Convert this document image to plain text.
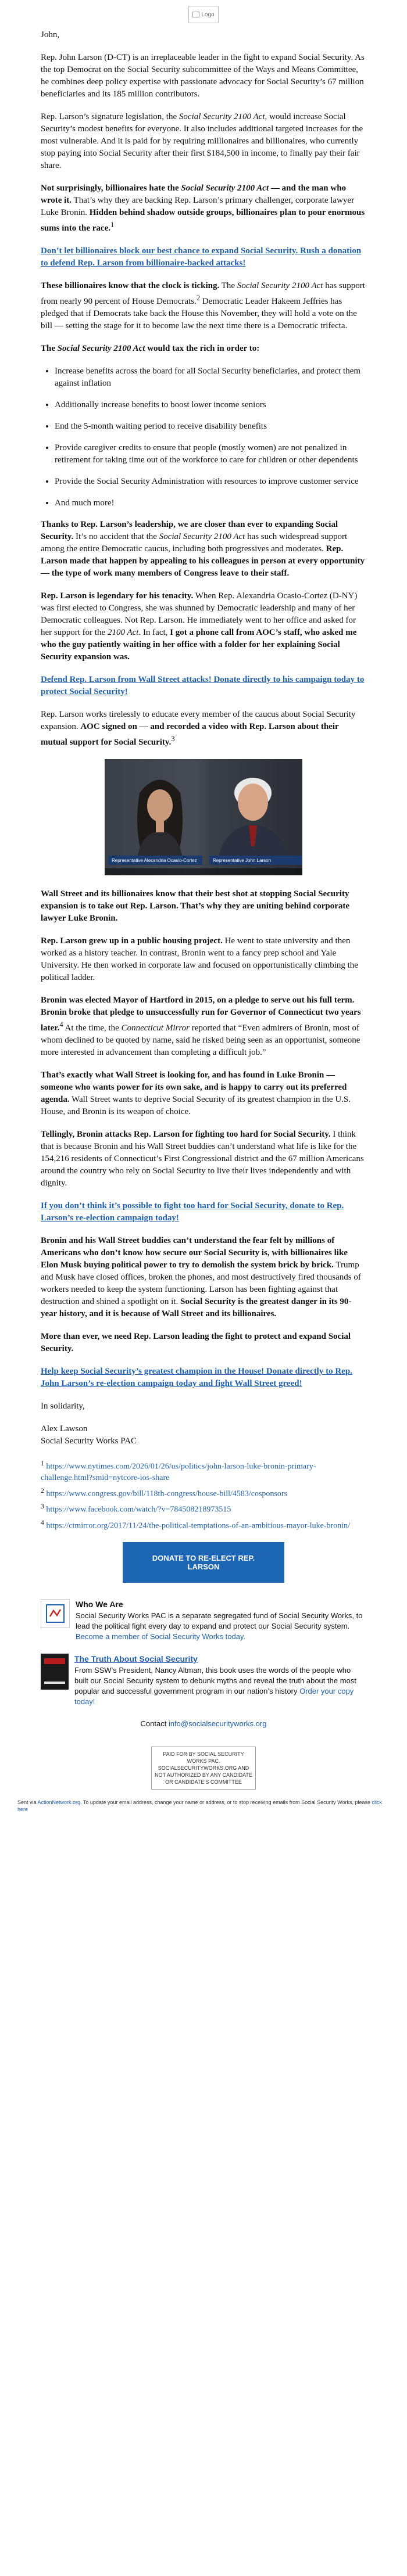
Logo

John,

Rep. John Larson (D-CT) is an irreplaceable leader in the fight to expand Social Security. As the top Democrat on the Social Security subcommittee of the Ways and Means Committee, he combines deep policy expertise with passionate advocacy for Social Security’s 67 million beneficiaries and its 185 million contributors.

Rep. Larson’s signature legislation, the Social Security 2100 Act, would increase Social Security’s modest benefits for everyone. It also includes additional targeted increases for the most vulnerable. And it is paid for by requiring millionaires and billionaires, who currently stop paying into Social Security after their first $184,500 in income, to finally pay their fair share.

Not surprisingly, billionaires hate the Social Security 2100 Act — and the man who wrote it. That’s why they are backing Rep. Larson’s primary challenger, corporate lawyer Luke Bronin. Hidden behind shadow outside groups, billionaires plan to pour enormous sums into the race.$^1$

Don’t let billionaires block our best chance to expand Social Security. Rush a donation to defend Rep. Larson from billionaire-backed attacks!

These billionaires know that the clock is ticking. The Social Security 2100 Act has support from nearly 90 percent of House Democrats.$^2$ Democratic Leader Hakeem Jeffries has pledged that if Democrats take back the House this November, they will hold a vote on the bill — setting the stage for it to become law the next time there is a Democratic trifecta.

The Social Security 2100 Act would tax the rich in order to:

• Increase benefits across the board for all Social Security beneficiaries, and protect them against inflation
• Additionally increase benefits to boost lower income seniors
• End the 5-month waiting period to receive disability benefits
• Provide caregiver credits to ensure that people (mostly women) are not penalized in retirement for taking time out of the workforce to care for children or other dependents
• Provide the Social Security Administration with resources to improve customer service
• And much more!

Thanks to Rep. Larson’s leadership, we are closer than ever to expanding Social Security. It’s no accident that the Social Security 2100 Act has such widespread support among the entire Democratic caucus, including both progressives and moderates. Rep. Larson made that happen by appealing to his colleagues in person at every opportunity — the type of work many members of Congress leave to their staff.

Rep. Larson is legendary for his tenacity. When Rep. Alexandria Ocasio-Cortez (D-NY) was first elected to Congress, she was shunned by Democratic leadership and many of her Democratic colleagues. Not Rep. Larson. He immediately went to her office and asked for her support for the 2100 Act. In fact, I got a phone call from AOC’s staff, who asked me who the guy patiently waiting in her office with a folder for her explaining Social Security expansion was.

Defend Rep. Larson from Wall Street attacks! Donate directly to his campaign today to protect Social Security!

Rep. Larson works tirelessly to educate every member of the caucus about Social Security expansion. AOC signed on — and recorded a video with Rep. Larson about their mutual support for Social Security.$^3$

Representative Alexandria Ocasio-Cortez	Representative John Larson

Wall Street and its billionaires know that their best shot at stopping Social Security expansion is to take out Rep. Larson. That’s why they are uniting behind corporate lawyer Luke Bronin.

Rep. Larson grew up in a public housing project. He went to state university and then worked as a history teacher. In contrast, Bronin went to a fancy prep school and Yale University. He then worked in corporate law and focused on opportunistically climbing the political ladder.

Bronin was elected Mayor of Hartford in 2015, on a pledge to serve out his full term. Bronin broke that pledge to unsuccessfully run for Governor of Connecticut two years later.$^4$ At the time, the Connecticut Mirror reported that “Even admirers of Bronin, most of whom declined to be quoted by name, said he risked being seen as an opportunist, someone more interested in advancement than completing a difficult job.”

That’s exactly what Wall Street is looking for, and has found in Luke Bronin — someone who wants power for its own sake, and is happy to carry out its preferred agenda. Wall Street wants to deprive Social Security of its greatest champion in the U.S. House, and Bronin is its weapon of choice.

Tellingly, Bronin attacks Rep. Larson for fighting too hard for Social Security. I think that is because Bronin and his Wall Street buddies can’t understand what life is like for the 154,216 residents of Connecticut’s First Congressional district and the 67 million Americans around the country who rely on Social Security to live their lives independently and with dignity.

If you don’t think it’s possible to fight too hard for Social Security, donate to Rep. Larson’s re-election campaign today!

Bronin and his Wall Street buddies can’t understand the fear felt by millions of Americans who don’t know how secure our Social Security is, with billionaires like Elon Musk buying political power to try to demolish the system brick by brick. Trump and Musk have closed offices, broken the phones, and most destructively fired thousands of workers needed to keep the system functioning. Larson has been fighting against that destruction and shined a spotlight on it. Social Security is the greatest danger in its 90-year history, and it is because of Wall Street and its billionaires.

More than ever, we need Rep. Larson leading the fight to protect and expand Social Security.

Help keep Social Security’s greatest champion in the House! Donate directly to Rep. John Larson’s re-election campaign today and fight Wall Street greed!

In solidarity,

Alex Lawson
Social Security Works PAC

$^1$ https://www.nytimes.com/2026/01/26/us/politics/john-larson-luke-bronin-primary-challenge.html?smid=nytcore-ios-share
$^2$ https://www.congress.gov/bill/118th-congress/house-bill/4583/cosponsors
$^3$ https://www.facebook.com/watch/?v=784508218973515
$^4$ https://ctmirror.org/2017/11/24/the-political-temptations-of-an-ambitious-mayor-luke-bronin/
DONATE TO RE-ELECT REP. LARSON
Who We Are
Social Security Works PAC is a separate segregated fund of Social Security Works, to lead the political fight every day to expand and protect our Social Security system. Become a member of Social Security Works today.
The Truth About Social Security
From SSW’s President, Nancy Altman, this book uses the words of the people who built our Social Security system to debunk myths and reveal the truth about the most popular and successful government program in our nation’s history Order your copy today!
Contact info@socialsecurityworks.org
PAID FOR BY SOCIAL SECURITY WORKS PAC. SOCIALSECURITYWORKS.ORG AND NOT AUTHORIZED BY ANY CANDIDATE OR CANDIDATE’S COMMITTEE
Sent via ActionNetwork.org. To update your email address, change your name or address, or to stop receiving emails from Social Security Works, please click here
